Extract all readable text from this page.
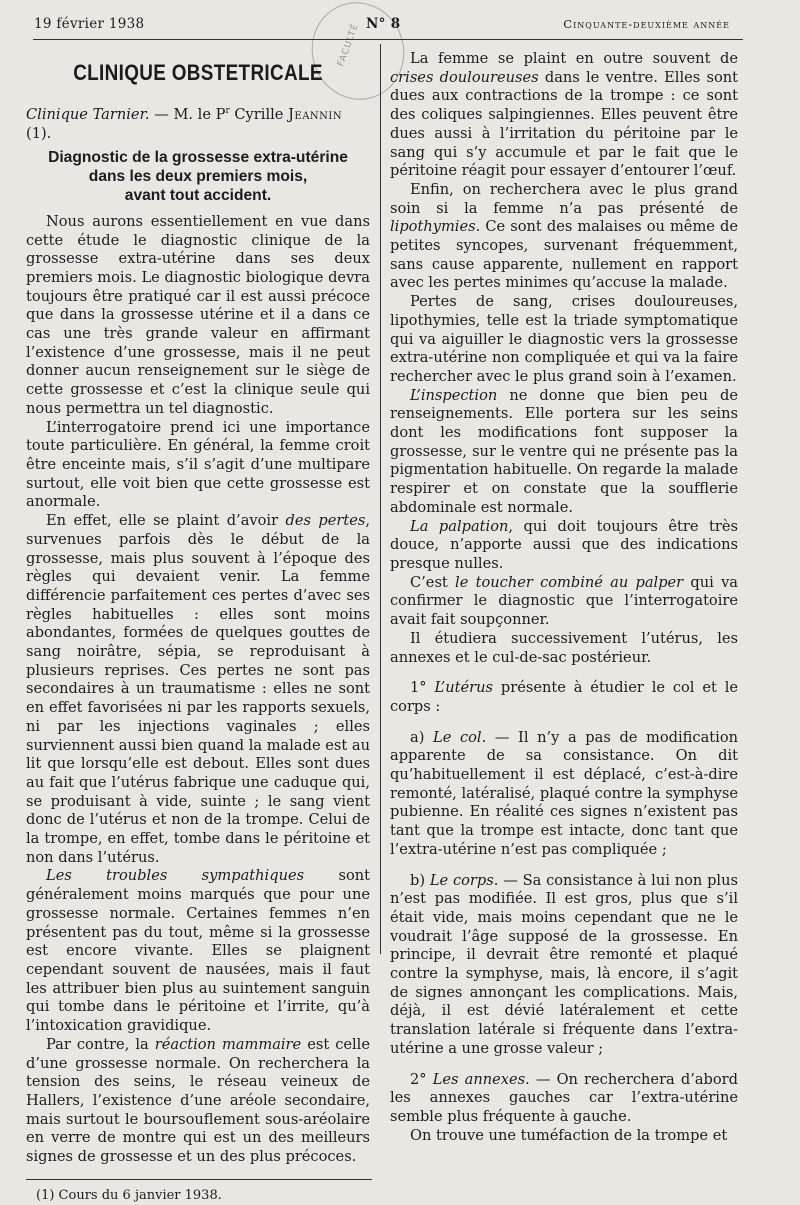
19 février 1938	N° 8	Cinquante-deuxième année
FACULTÉ
CLINIQUE OBSTETRICALE
Clinique Tarnier. — M. le $P^r$ Cyrille Jeannin (1).
Diagnostic de la grossesse extra-utérine
dans les deux premiers mois,
avant tout accident.

Nous aurons essentiellement en vue dans cette étude le diagnostic clinique de la grossesse extra-utérine dans ses deux premiers mois. Le diagnostic biologique devra toujours être pratiqué car il est aussi précoce que dans la grossesse utérine et il a dans ce cas une très grande valeur en affirmant l’existence d’une grossesse, mais il ne peut donner aucun renseignement sur le siège de cette grossesse et c’est la clinique seule qui nous permettra un tel diagnostic.

L’interrogatoire prend ici une importance toute particulière. En général, la femme croit être enceinte mais, s’il s’agit d’une multipare surtout, elle voit bien que cette grossesse est anormale.

En effet, elle se plaint d’avoir des pertes, survenues parfois dès le début de la grossesse, mais plus souvent à l’époque des règles qui devaient venir. La femme différencie parfaitement ces pertes d’avec ses règles habituelles : elles sont moins abondantes, formées de quelques gouttes de sang noirâtre, sépia, se reproduisant à plusieurs reprises. Ces pertes ne sont pas secondaires à un traumatisme : elles ne sont en effet favorisées ni par les rapports sexuels, ni par les injections vaginales ; elles surviennent aussi bien quand la malade est au lit que lorsqu’elle est debout. Elles sont dues au fait que l’utérus fabrique une caduque qui, se produisant à vide, suinte ; le sang vient donc de l’utérus et non de la trompe. Celui de la trompe, en effet, tombe dans le péritoine et non dans l’utérus.

Les troubles sympathiques sont généralement moins marqués que pour une grossesse normale. Certaines femmes n’en présentent pas du tout, même si la grossesse est encore vivante. Elles se plaignent cependant souvent de nausées, mais il faut les attribuer bien plus au suintement sanguin qui tombe dans le péritoine et l’irrite, qu’à l’intoxication gravidique.

Par contre, la réaction mammaire est celle d’une grossesse normale. On recherchera la tension des seins, le réseau veineux de Hallers, l’existence d’une aréole secondaire, mais surtout le boursouflement sous-aréolaire en verre de montre qui est un des meilleurs signes de grossesse et un des plus précoces.

(1) Cours du 6 janvier 1938.

La femme se plaint en outre souvent de crises douloureuses dans le ventre. Elles sont dues aux contractions de la trompe : ce sont des coliques salpingiennes. Elles peuvent être dues aussi à l’irritation du péritoine par le sang qui s’y accumule et par le fait que le péritoine réagit pour essayer d’entourer l’œuf.

Enfin, on recherchera avec le plus grand soin si la femme n’a pas présenté de lipothymies. Ce sont des malaises ou même de petites syncopes, survenant fréquemment, sans cause apparente, nullement en rapport avec les pertes minimes qu’accuse la malade.

Pertes de sang, crises douloureuses, lipothymies, telle est la triade symptomatique qui va aiguiller le diagnostic vers la grossesse extra-utérine non compliquée et qui va la faire rechercher avec le plus grand soin à l’examen.

L’inspection ne donne que bien peu de renseignements. Elle portera sur les seins dont les modifications font supposer la grossesse, sur le ventre qui ne présente pas la pigmentation habituelle. On regarde la malade respirer et on constate que la soufflerie abdominale est normale.

La palpation, qui doit toujours être très douce, n’apporte aussi que des indications presque nulles.

C’est le toucher combiné au palper qui va confirmer le diagnostic que l’interrogatoire avait fait soupçonner.

Il étudiera successivement l’utérus, les annexes et le cul-de-sac postérieur.

1° L’utérus présente à étudier le col et le corps :

a) Le col. — Il n’y a pas de modification apparente de sa consistance. On dit qu’habituellement il est déplacé, c’est-à-dire remonté, latéralisé, plaqué contre la symphyse pubienne. En réalité ces signes n’existent pas tant que la trompe est intacte, donc tant que l’extra-utérine n’est pas compliquée ;

b) Le corps. — Sa consistance à lui non plus n’est pas modifiée. Il est gros, plus que s’il était vide, mais moins cependant que ne le voudrait l’âge supposé de la grossesse. En principe, il devrait être remonté et plaqué contre la symphyse, mais, là encore, il s’agit de signes annonçant les complications. Mais, déjà, il est dévié latéralement et cette translation latérale si fréquente dans l’extra-utérine a une grosse valeur ;

2° Les annexes. — On recherchera d’abord les annexes gauches car l’extra-utérine semble plus fréquente à gauche.

On trouve une tuméfaction de la trompe et
